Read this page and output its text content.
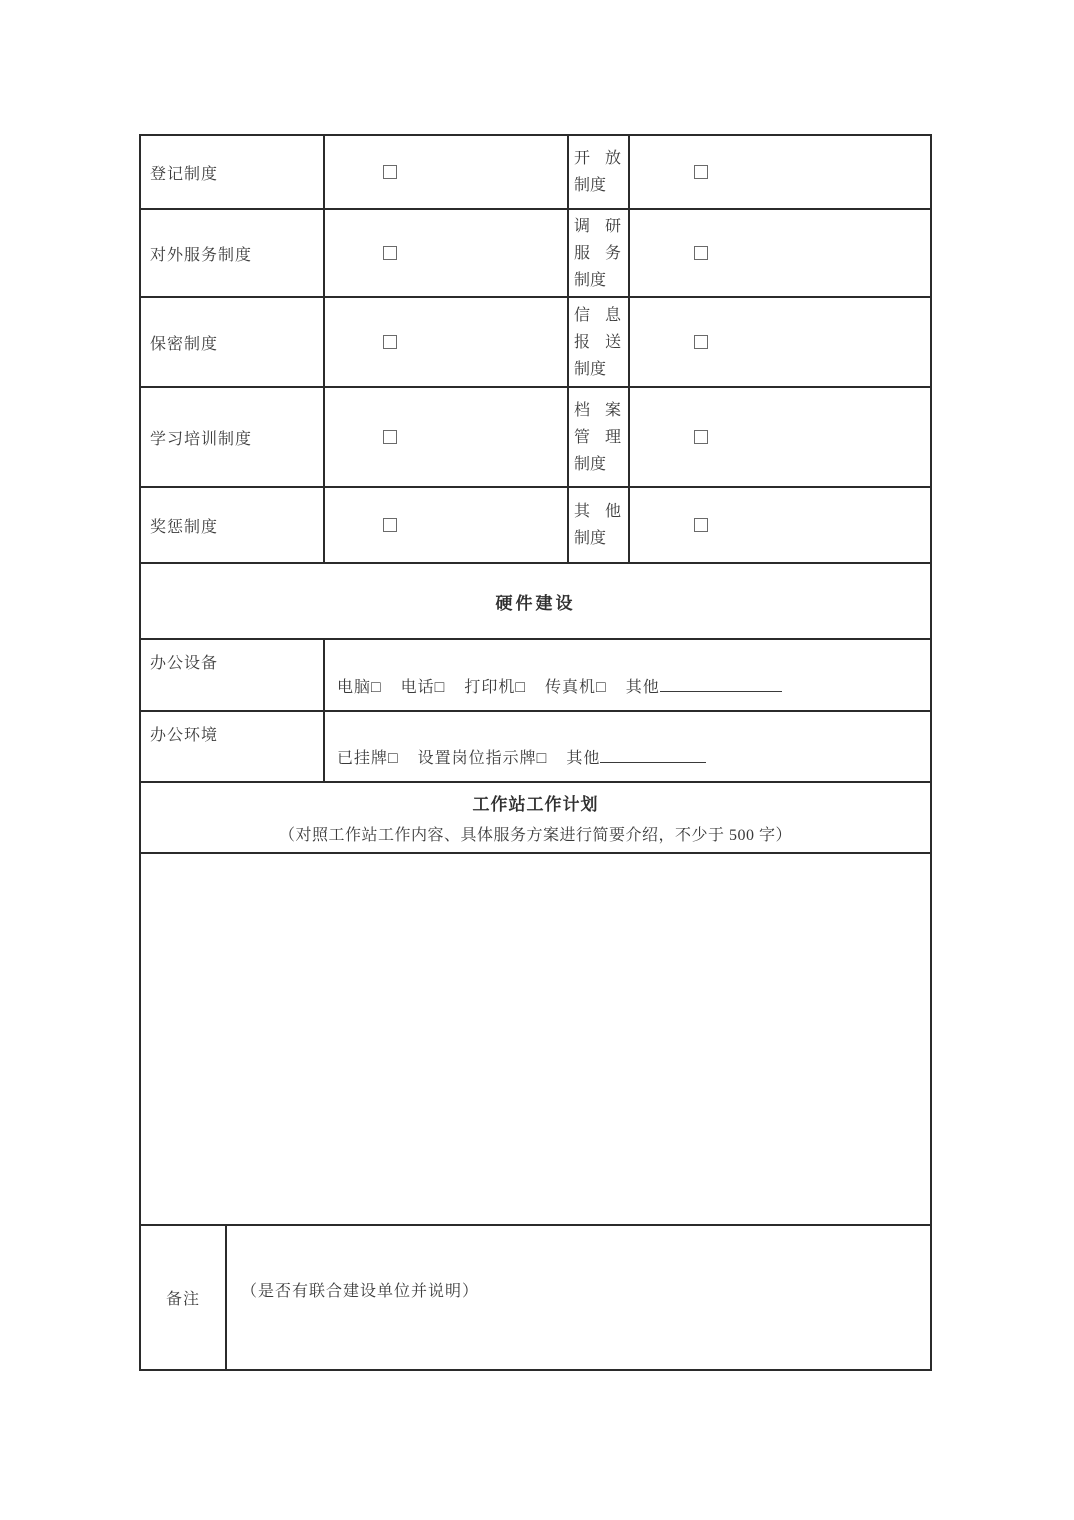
登记制度
开 放
制度
对外服务制度
调 研
服 务
制度
保密制度
信 息
报 送
制度
学习培训制度
档 案
管 理
制度
奖惩制度
其 他
制度
硬件建设
办公设备
电脑□ 电话□ 打印机□ 传真机□ 其他
办公环境
已挂牌□ 设置岗位指示牌□ 其他
工作站工作计划
（对照工作站工作内容、具体服务方案进行简要介绍，不少于 500 字）
备注	（是否有联合建设单位并说明）
